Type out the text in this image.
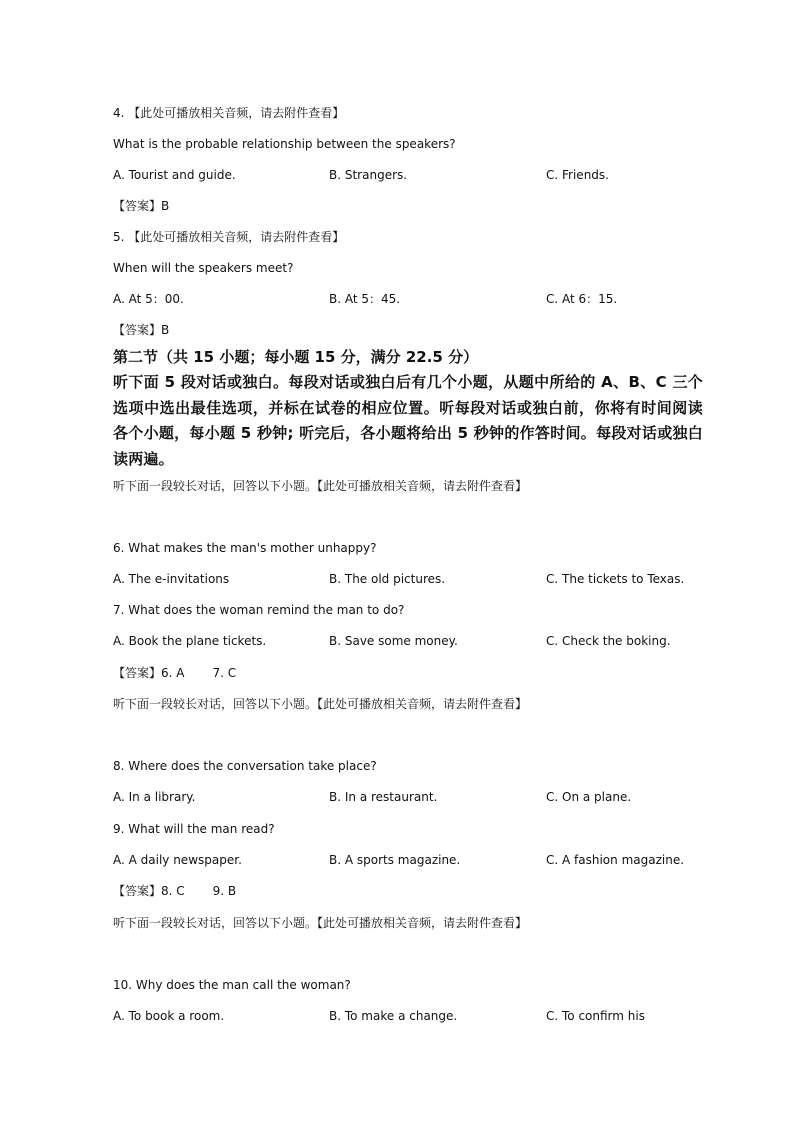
4. 【此处可播放相关音频，请去附件查看】
What is the probable relationship between the speakers?
A. Tourist and guide.	B. Strangers.	C. Friends.
【答案】B
5. 【此处可播放相关音频，请去附件查看】
When will the speakers meet?
A. At 5：00.	B. At 5：45.	C. At 6：15.
【答案】B
第二节（共 15 小题；每小题 15 分，满分 22.5 分）
听下面 5 段对话或独白。每段对话或独白后有几个小题，从题中所给的 A、B、C 三个选项中选出最佳选项，并标在试卷的相应位置。听每段对话或独白前，你将有时间阅读各个小题，每小题 5 秒钟; 听完后，各小题将给出 5 秒钟的作答时间。每段对话或独白读两遍。
听下面一段较长对话，回答以下小题。【此处可播放相关音频，请去附件查看】
6. What makes the man's mother unhappy?
A. The e-invitations	B. The old pictures.	C. The tickets to Texas.
7. What does the woman remind the man to do?
A. Book the plane tickets.	B. Save some money.	C. Check the boking.
【答案】6. A 7. C
听下面一段较长对话，回答以下小题。【此处可播放相关音频，请去附件查看】
8. Where does the conversation take place?
A. In a library.	B. In a restaurant.	C. On a plane.
9. What will the man read?
A. A daily newspaper.	B. A sports magazine.	C. A fashion magazine.
【答案】8. C 9. B
听下面一段较长对话，回答以下小题。【此处可播放相关音频，请去附件查看】
10. Why does the man call the woman?
A. To book a room.	B. To make a change.	C. To confirm his
